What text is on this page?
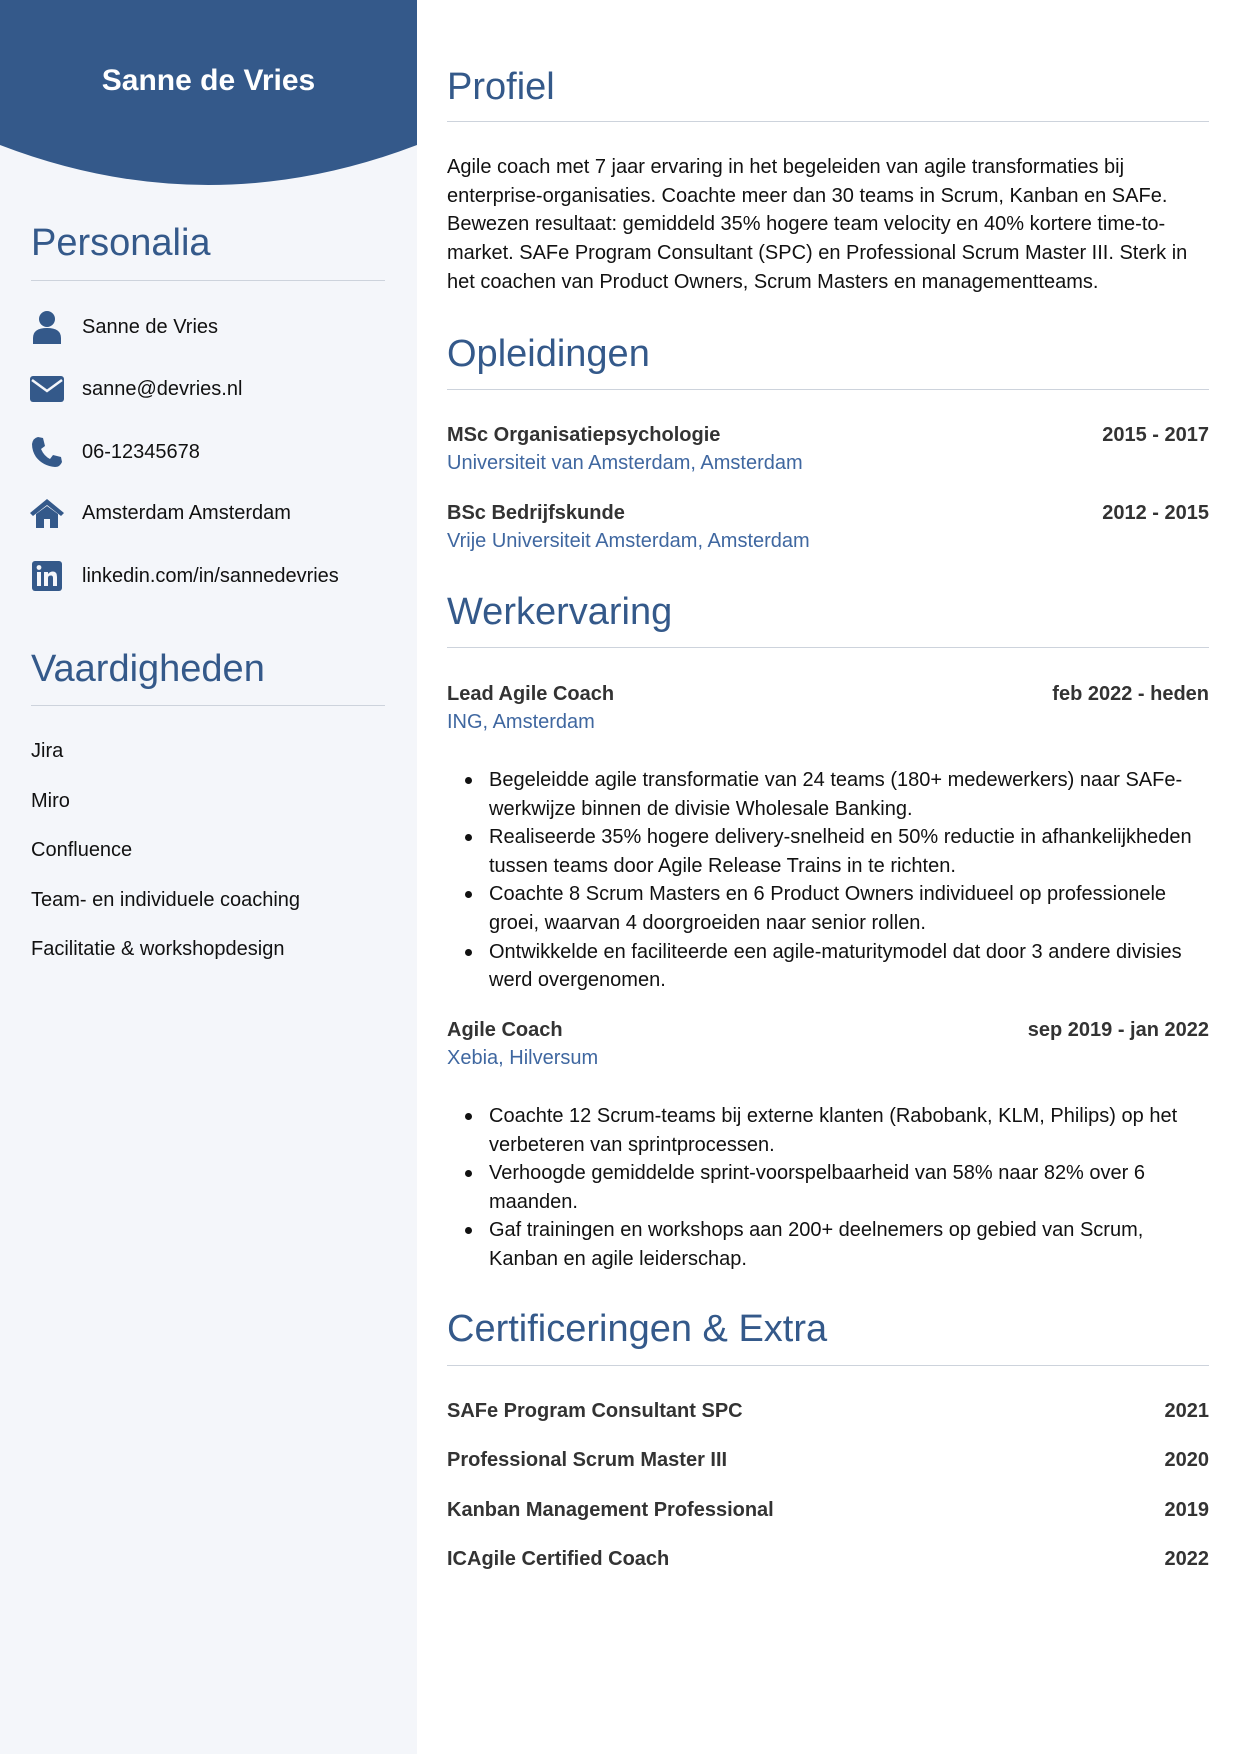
Sanne de Vries
Personalia
Sanne de Vries
sanne@devries.nl
06-12345678
Amsterdam Amsterdam
linkedin.com/in/sannedevries
Vaardigheden
Jira
Miro
Confluence
Team- en individuele coaching
Facilitatie & workshopdesign
Profiel
Agile coach met 7 jaar ervaring in het begeleiden van agile transformaties bij enterprise-organisaties. Coachte meer dan 30 teams in Scrum, Kanban en SAFe. Bewezen resultaat: gemiddeld 35% hogere team velocity en 40% kortere time-to-market. SAFe Program Consultant (SPC) en Professional Scrum Master III. Sterk in het coachen van Product Owners, Scrum Masters en managementteams.
Opleidingen
MSc Organisatiepsychologie	2015 - 2017
Universiteit van Amsterdam, Amsterdam
BSc Bedrijfskunde	2012 - 2015
Vrije Universiteit Amsterdam, Amsterdam
Werkervaring
Lead Agile Coach	feb 2022 - heden
ING, Amsterdam
Begeleidde agile transformatie van 24 teams (180+ medewerkers) naar SAFe-werkwijze binnen de divisie Wholesale Banking.
Realiseerde 35% hogere delivery-snelheid en 50% reductie in afhankelijkheden tussen teams door Agile Release Trains in te richten.
Coachte 8 Scrum Masters en 6 Product Owners individueel op professionele groei, waarvan 4 doorgroeiden naar senior rollen.
Ontwikkelde en faciliteerde een agile-maturitymodel dat door 3 andere divisies werd overgenomen.
Agile Coach	sep 2019 - jan 2022
Xebia, Hilversum
Coachte 12 Scrum-teams bij externe klanten (Rabobank, KLM, Philips) op het verbeteren van sprintprocessen.
Verhoogde gemiddelde sprint-voorspelbaarheid van 58% naar 82% over 6 maanden.
Gaf trainingen en workshops aan 200+ deelnemers op gebied van Scrum, Kanban en agile leiderschap.
Certificeringen & Extra
SAFe Program Consultant SPC	2021
Professional Scrum Master III	2020
Kanban Management Professional	2019
ICAgile Certified Coach	2022
